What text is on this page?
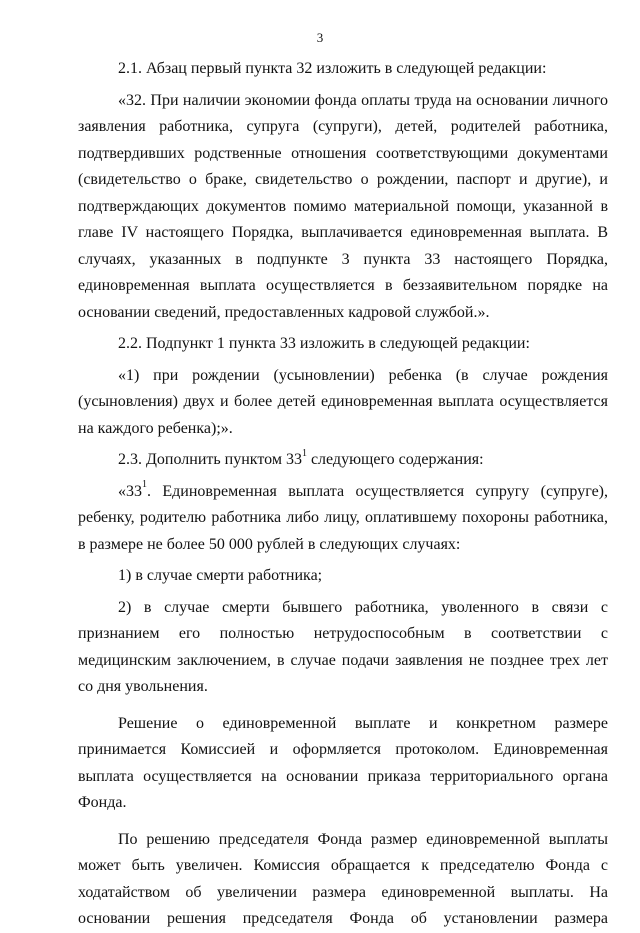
3

2.1. Абзац первый пункта 32 изложить в следующей редакции:

«32. При наличии экономии фонда оплаты труда на основании личного заявления работника, супруга (супруги), детей, родителей работника, подтвердивших родственные отношения соответствующими документами (свидетельство о браке, свидетельство о рождении, паспорт и другие), и подтверждающих документов помимо материальной помощи, указанной в главе IV настоящего Порядка, выплачивается единовременная выплата. В случаях, указанных в подпункте 3 пункта 33 настоящего Порядка, единовременная выплата осуществляется в беззаявительном порядке на основании сведений, предоставленных кадровой службой.».

2.2. Подпункт 1 пункта 33 изложить в следующей редакции:

«1) при рождении (усыновлении) ребенка (в случае рождения (усыновления) двух и более детей единовременная выплата осуществляется на каждого ребенка);».

2.3. Дополнить пунктом $33^1$ следующего содержания:

«$33^1$. Единовременная выплата осуществляется супругу (супруге), ребенку, родителю работника либо лицу, оплатившему похороны работника, в размере не более 50 000 рублей в следующих случаях:

1) в случае смерти работника;

2) в случае смерти бывшего работника, уволенного в связи с признанием его полностью нетрудоспособным в соответствии с медицинским заключением, в случае подачи заявления не позднее трех лет со дня увольнения.

Решение о единовременной выплате и конкретном размере принимается Комиссией и оформляется протоколом. Единовременная выплата осуществляется на основании приказа территориального органа Фонда.

По решению председателя Фонда размер единовременной выплаты может быть увеличен. Комиссия обращается к председателю Фонда с ходатайством об увеличении размера единовременной выплаты. На основании решения председателя Фонда об установлении размера
